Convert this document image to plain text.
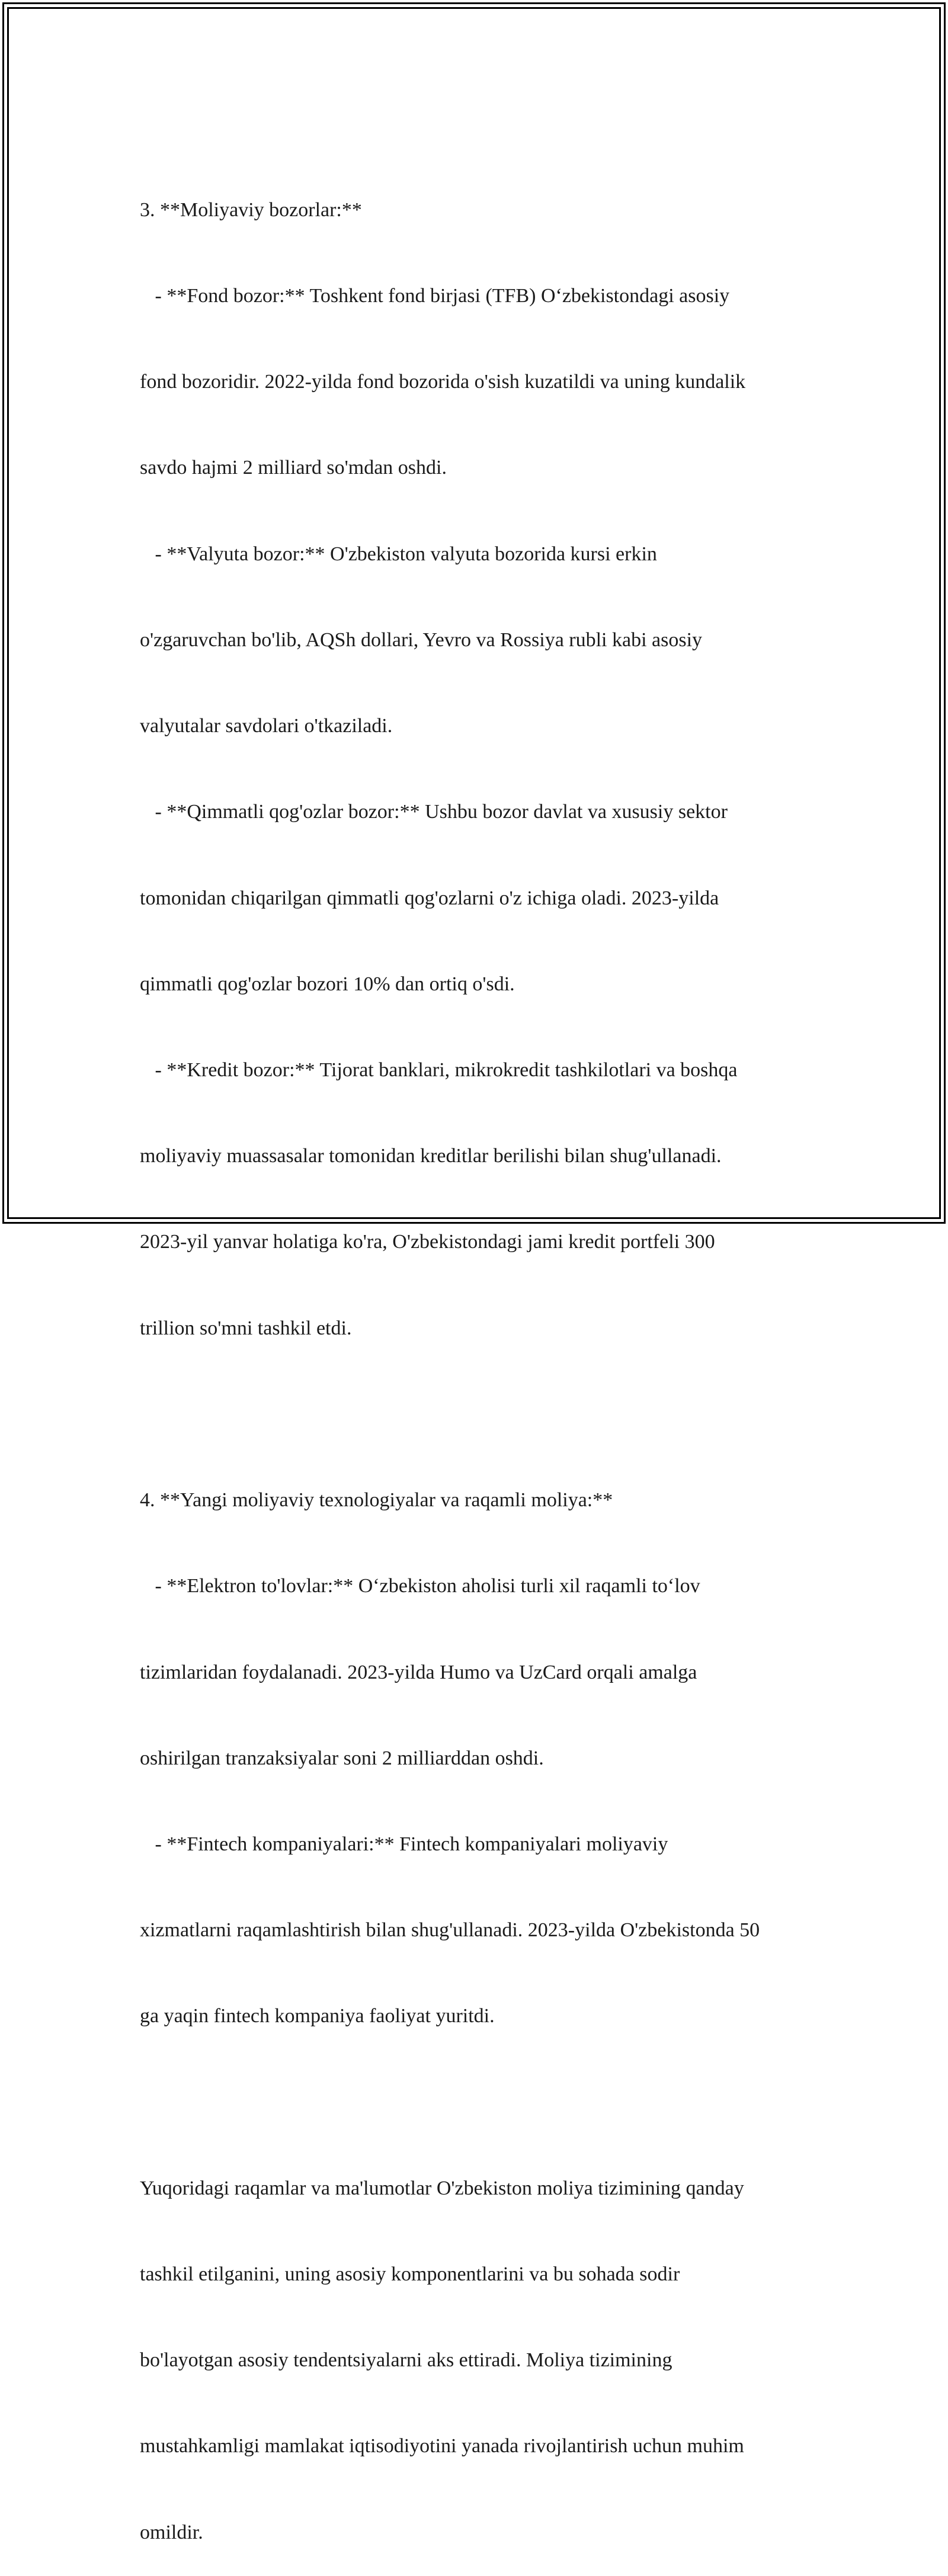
3. **Moliyaviy bozorlar:**

- **Fond bozor:** Toshkent fond birjasi (TFB) O‘zbekistondagi asosiy

fond bozoridir. 2022-yilda fond bozorida o'sish kuzatildi va uning kundalik

savdo hajmi 2 milliard so'mdan oshdi.

- **Valyuta bozor:** O'zbekiston valyuta bozorida kursi erkin

o'zgaruvchan bo'lib, AQSh dollari, Yevro va Rossiya rubli kabi asosiy

valyutalar savdolari o'tkaziladi.

- **Qimmatli qog'ozlar bozor:** Ushbu bozor davlat va xususiy sektor

tomonidan chiqarilgan qimmatli qog'ozlarni o'z ichiga oladi. 2023-yilda

qimmatli qog'ozlar bozori 10% dan ortiq o'sdi.

- **Kredit bozor:** Tijorat banklari, mikrokredit tashkilotlari va boshqa

moliyaviy muassasalar tomonidan kreditlar berilishi bilan shug'ullanadi.

2023-yil yanvar holatiga ko'ra, O'zbekistondagi jami kredit portfeli 300

trillion so'mni tashkil etdi.

4. **Yangi moliyaviy texnologiyalar va raqamli moliya:**

- **Elektron to'lovlar:** O‘zbekiston aholisi turli xil raqamli to‘lov

tizimlaridan foydalanadi. 2023-yilda Humo va UzCard orqali amalga

oshirilgan tranzaksiyalar soni 2 milliarddan oshdi.

- **Fintech kompaniyalari:** Fintech kompaniyalari moliyaviy

xizmatlarni raqamlashtirish bilan shug'ullanadi. 2023-yilda O'zbekistonda 50

ga yaqin fintech kompaniya faoliyat yuritdi.

Yuqoridagi raqamlar va ma'lumotlar O'zbekiston moliya tizimining qanday

tashkil etilganini, uning asosiy komponentlarini va bu sohada sodir

bo'layotgan asosiy tendentsiyalarni aks ettiradi. Moliya tizimining

mustahkamligi mamlakat iqtisodiyotini yanada rivojlantirish uchun muhim

omildir.
